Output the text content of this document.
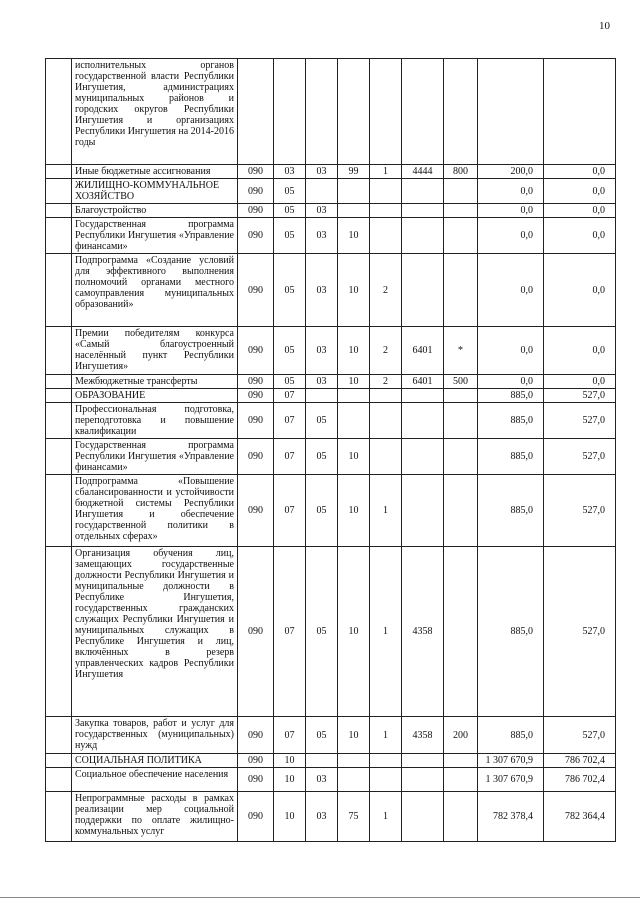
10
	исполнительных органов государственной власти Республики Ингушетия, администрациях муниципальных районов и городских округов Республики Ингушетия и организациях Республики Ингушетия на 2014-2016 годы									
	Иные бюджетные ассигнования	090	03	03	99	1	4444	800	200,0	0,0
	ЖИЛИЩНО-КОММУНАЛЬНОЕ ХОЗЯЙСТВО	090	05						0,0	0,0
	Благоустройство	090	05	03					0,0	0,0
	Государственная программа Республики Ингушетия «Управление финансами»	090	05	03	10				0,0	0,0
	Подпрограмма «Создание условий для эффективного выполнения полномочий органами местного самоуправления муниципальных образований»	090	05	03	10	2			0,0	0,0
	Премии победителям конкурса «Самый благоустроенный населённый пункт Республики Ингушетия»	090	05	03	10	2	6401	*	0,0	0,0
	Межбюджетные трансферты	090	05	03	10	2	6401	500	0,0	0,0
	ОБРАЗОВАНИЕ	090	07						885,0	527,0
	Профессиональная подготовка, переподготовка и повышение квалификации	090	07	05					885,0	527,0
	Государственная программа Республики Ингушетия «Управление финансами»	090	07	05	10				885,0	527,0
	Подпрограмма «Повышение сбалансированности и устойчивости бюджетной системы Республики Ингушетия и обеспечение государственной политики в отдельных сферах»	090	07	05	10	1			885,0	527,0
	Организация обучения лиц, замещающих государственные должности Республики Ингушетия и муниципальные должности в Республике Ингушетия, государственных гражданских служащих Республики Ингушетия и муниципальных служащих в Республике Ингушетия и лиц, включённых в резерв управленческих кадров Республики Ингушетия	090	07	05	10	1	4358		885,0	527,0
	Закупка товаров, работ и услуг для государственных (муниципальных) нужд	090	07	05	10	1	4358	200	885,0	527,0
	СОЦИАЛЬНАЯ ПОЛИТИКА	090	10						1 307 670,9	786 702,4
	Социальное обеспечение населения	090	10	03					1 307 670,9	786 702,4
	Непрограммные расходы в рамках реализации мер социальной поддержки по оплате жилищно-коммунальных услуг	090	10	03	75	1			782 378,4	782 364,4
